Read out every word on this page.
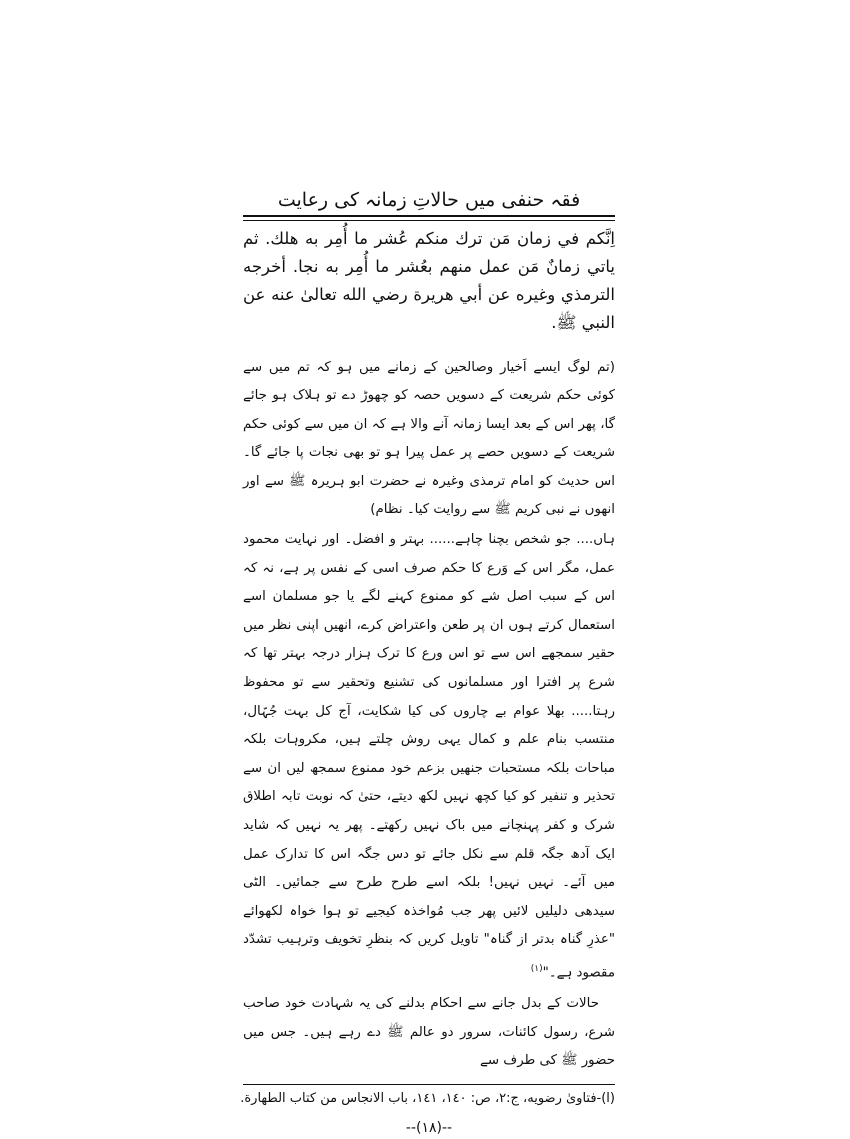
فقہ حنفی میں حالاتِ زمانہ کی رعایت

اِنَّكم في زمان مَن ترك منكم عُشر ما أُمِر به هلك. ثم ياتي زمانٌ مَن عمل منهم بعُشر ما أُمِر به نجا. أخرجه الترمذي وغيره عن أبي هريرة رضي الله تعالىٰ عنه عن النبي ﷺ.

(تم لوگ ایسے اَخیار وصالحین کے زمانے میں ہو کہ تم میں سے کوئی حکم شریعت کے دسویں حصہ کو چھوڑ دے تو ہلاک ہو جائے گا، پھر اس کے بعد ایسا زمانہ آنے والا ہے کہ ان میں سے کوئی حکم شریعت کے دسویں حصے پر عمل پیرا ہو تو بھی نجات پا جائے گا۔ اس حدیث کو امام ترمذی وغیرہ نے حضرت ابو ہریرہ ﷺ سے اور انھوں نے نبی کریم ﷺ سے روایت کیا۔ نظام)

ہاں.... جو شخص بچنا چاہے...... بہتر و افضل۔ اور نہایت محمود عمل، مگر اس کے وَرع کا حکم صرف اسی کے نفس پر ہے، نہ کہ اس کے سبب اصل شے کو ممنوع کہنے لگے یا جو مسلمان اسے استعمال کرتے ہوں ان پر طعن واعتراض کرے، انھیں اپنی نظر میں حقیر سمجھے اس سے تو اس ورع کا ترک ہزار درجہ بہتر تھا کہ شرع پر افترا اور مسلمانوں کی تشنیع وتحقیر سے تو محفوظ رہتا..... بھلا عوام بے چاروں کی کیا شکایت، آج کل بہت جُہّال، منتسب بنام علم و کمال یہی روش چلتے ہیں، مکروہات بلکہ مباحات بلکہ مستحبات جنھیں بزعم خود ممنوع سمجھ لیں ان سے تحذیر و تنفیر کو کیا کچھ نہیں لکھ دیتے، حتیٰ کہ نوبت تابہ اطلاق شرک و کفر پہنچانے میں باک نہیں رکھتے۔ پھر یہ نہیں کہ شاید ایک آدھ جگہ قلم سے نکل جائے تو دس جگہ اس کا تدارک عمل میں آئے۔ نہیں نہیں! بلکہ اسے طرح طرح سے جمائیں۔ الٹی سیدھی دلیلیں لائیں پھر جب مُواخذہ کیجیے تو ہوا خواہ لکھوائے "عذرِ گناہ بدتر از گناہ" تاویل کریں کہ بنظرِ تخویف وترہیب تشدّد مقصود ہے۔"$^{(۱)}$

حالات کے بدل جانے سے احکام بدلنے کی یہ شہادت خود صاحب شرع، رسول کائنات، سرور دو عالم ﷺ دے رہے ہیں۔ جس میں حضور ﷺ کی طرف سے

(ا)-فتاویٰ رضویه، ج:۲، ص: ۱٤٠، ۱٤۱، باب الانجاس من كتاب الطهارة.
--(۱۸)--
